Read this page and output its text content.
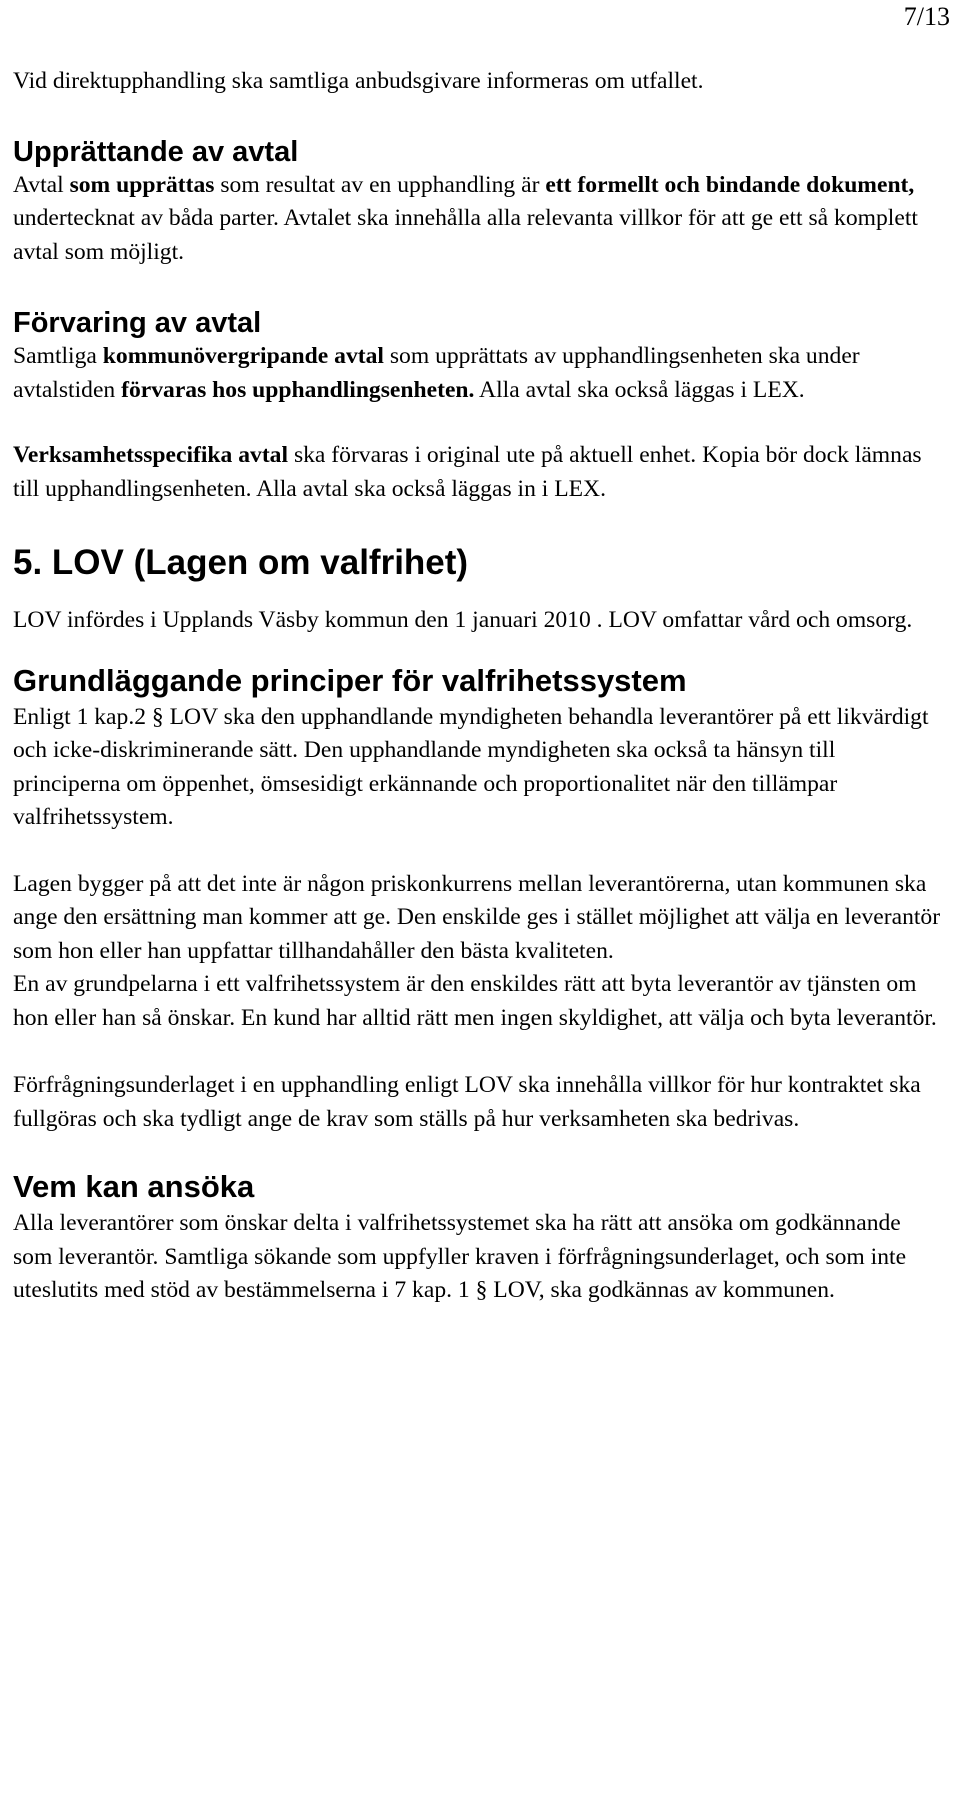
7/13

Vid direktupphandling ska samtliga anbudsgivare informeras om utfallet.

Upprättande av avtal

Avtal som upprättas som resultat av en upphandling är ett formellt och bindande dokument, undertecknat av båda parter. Avtalet ska innehålla alla relevanta villkor för att ge ett så komplett avtal som möjligt.

Förvaring av avtal

Samtliga kommunövergripande avtal som upprättats av upphandlingsenheten ska under avtalstiden förvaras hos upphandlingsenheten. Alla avtal ska också läggas i LEX.

Verksamhetsspecifika avtal ska förvaras i original ute på aktuell enhet. Kopia bör dock lämnas till upphandlingsenheten. Alla avtal ska också läggas in i LEX.

5. LOV (Lagen om valfrihet)

LOV infördes i Upplands Väsby kommun den 1 januari 2010 . LOV omfattar vård och omsorg.

Grundläggande principer för valfrihetssystem

Enligt 1 kap.2 § LOV ska den upphandlande myndigheten behandla leverantörer på ett likvärdigt och icke-diskriminerande sätt. Den upphandlande myndigheten ska också ta hänsyn till principerna om öppenhet, ömsesidigt erkännande och proportionalitet när den tillämpar valfrihetssystem.

Lagen bygger på att det inte är någon priskonkurrens mellan leverantörerna, utan kommunen ska ange den ersättning man kommer att ge. Den enskilde ges i stället möjlighet att välja en leverantör som hon eller han uppfattar tillhandahåller den bästa kvaliteten.

En av grundpelarna i ett valfrihetssystem är den enskildes rätt att byta leverantör av tjänsten om hon eller han så önskar. En kund har alltid rätt men ingen skyldighet, att välja och byta leverantör.

Förfrågningsunderlaget i en upphandling enligt LOV ska innehålla villkor för hur kontraktet ska fullgöras och ska tydligt ange de krav som ställs på hur verksamheten ska bedrivas.

Vem kan ansöka

Alla leverantörer som önskar delta i valfrihetssystemet ska ha rätt att ansöka om godkännande som leverantör. Samtliga sökande som uppfyller kraven i förfrågningsunderlaget, och som inte uteslutits med stöd av bestämmelserna i 7 kap. 1 § LOV, ska godkännas av kommunen.
